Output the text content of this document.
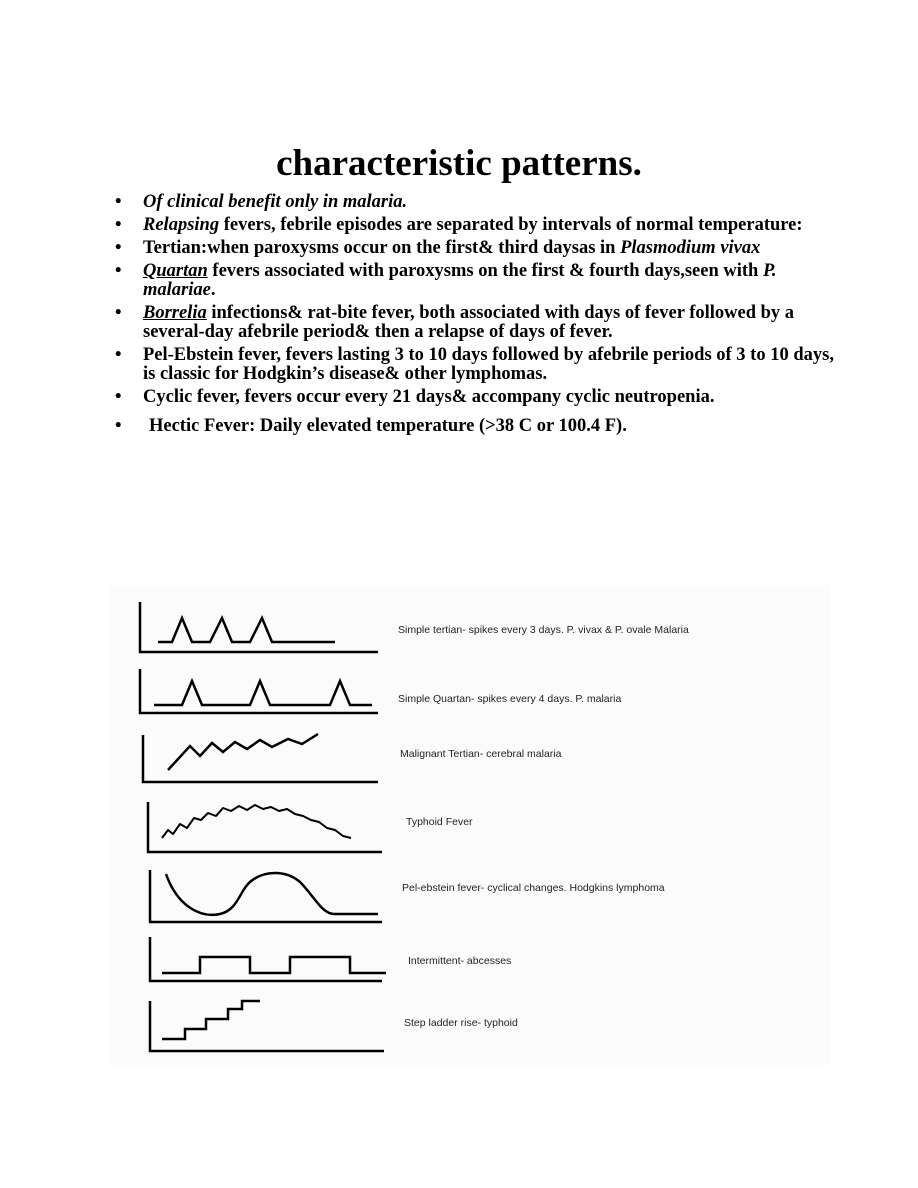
characteristic patterns.
• Of clinical benefit only in malaria.
• Relapsing fevers, febrile episodes are separated by intervals of normal temperature:
• Tertian:when paroxysms occur on the first& third daysas in Plasmodium vivax
• Quartan fevers associated with paroxysms on the first & fourth days,seen with P. malariae.
• Borrelia infections& rat-bite fever, both associated with days of fever followed by a several-day afebrile period& then a relapse of days of fever.
• Pel-Ebstein fever, fevers lasting 3 to 10 days followed by afebrile periods of 3 to 10 days, is classic for Hodgkin’s disease& other lymphomas.
• Cyclic fever, fevers occur every 21 days& accompany cyclic neutropenia.
• Hectic Fever: Daily elevated temperature (>38 C or 100.4 F).
Simple tertian- spikes every 3 days. P. vivax & P. ovale Malaria
Simple Quartan- spikes every 4 days. P. malaria
Malignant Tertian- cerebral malaria
Typhoid Fever
Pel-ebstein fever- cyclical changes. Hodgkins lymphoma
Intermittent- abcesses
Step ladder rise- typhoid
